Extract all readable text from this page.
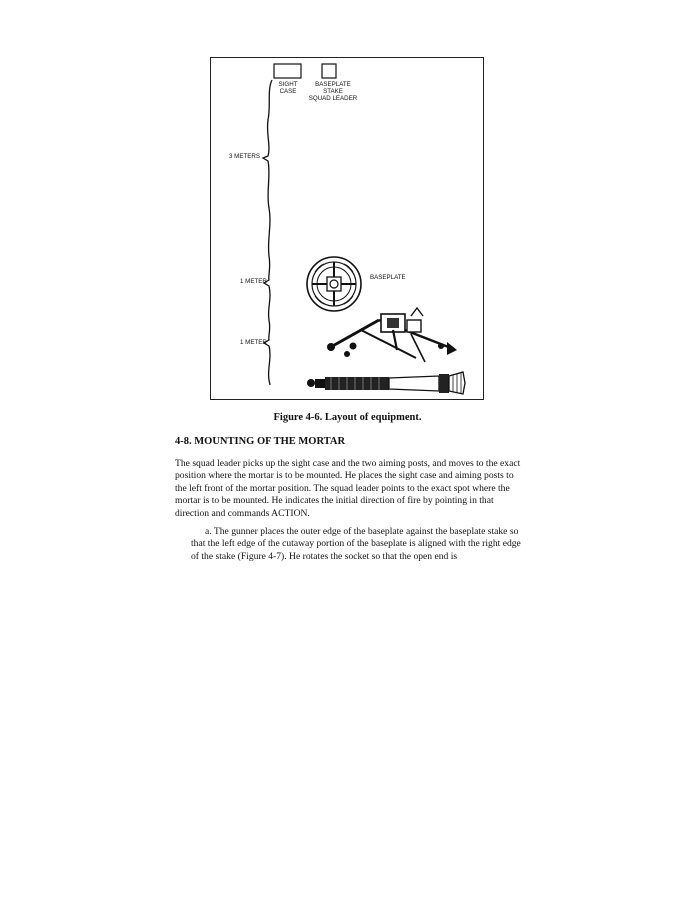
SIGHT
CASE
BASEPLATE
STAKE
SQUAD LEADER
3 METERS
1 METER
1 METER
BASEPLATE
Figure 4-6. Layout of equipment.
4-8. MOUNTING OF THE MORTAR

The squad leader picks up the sight case and the two aiming posts, and moves to the exact position where the mortar is to be mounted. He places the sight case and aiming posts to the left front of the mortar position. The squad leader points to the exact spot where the mortar is to be mounted. He indicates the initial direction of fire by pointing in that direction and commands ACTION.

a. The gunner places the outer edge of the baseplate against the baseplate stake so that the left edge of the cutaway portion of the baseplate is aligned with the right edge of the stake (Figure 4-7). He rotates the socket so that the open end is
